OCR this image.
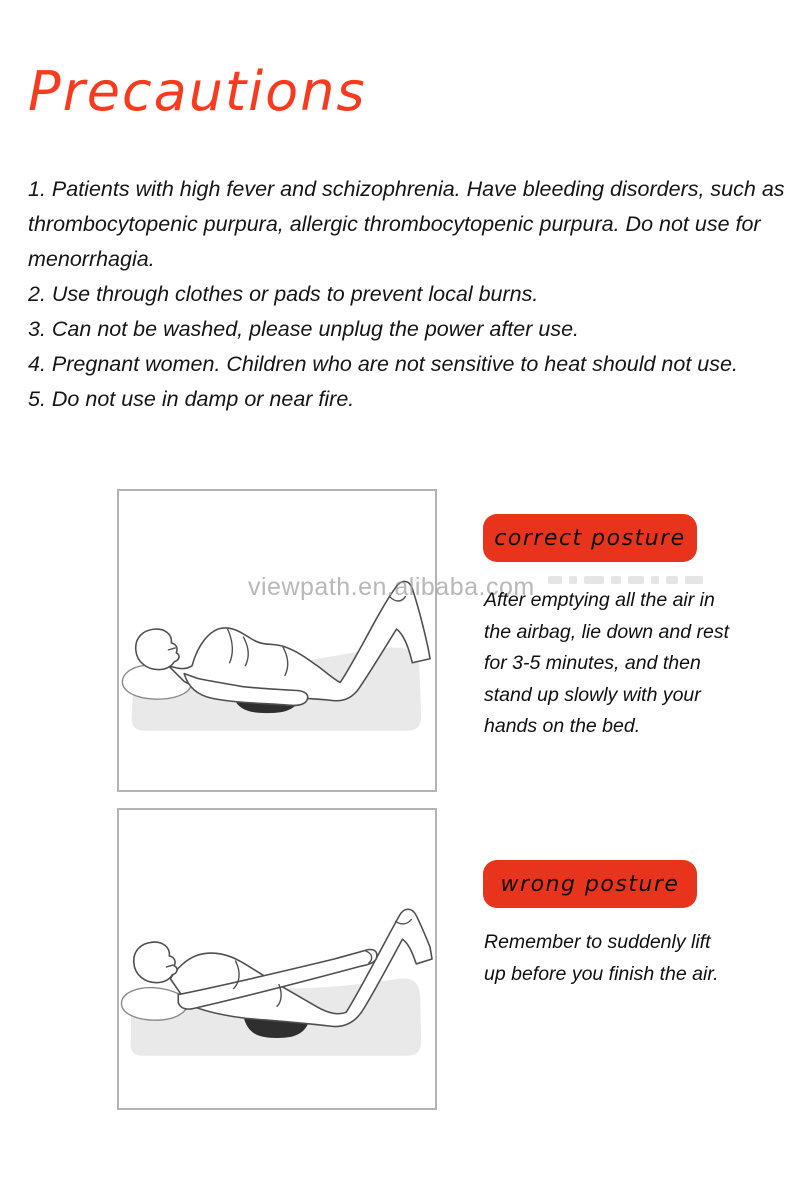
Precautions
1. Patients with high fever and schizophrenia. Have bleeding disorders, such as
thrombocytopenic purpura, allergic thrombocytopenic purpura. Do not use for
menorrhagia.
2. Use through clothes or pads to prevent local burns.
3. Can not be washed, please unplug the power after use.
4. Pregnant women. Children who are not sensitive to heat should not use.
5. Do not use in damp or near fire.
viewpath.en.alibaba.com
correct posture
wrong posture
After emptying all the air in
the airbag, lie down and rest
for 3-5 minutes, and then
stand up slowly with your
hands on the bed.
Remember to suddenly lift
up before you finish the air.
